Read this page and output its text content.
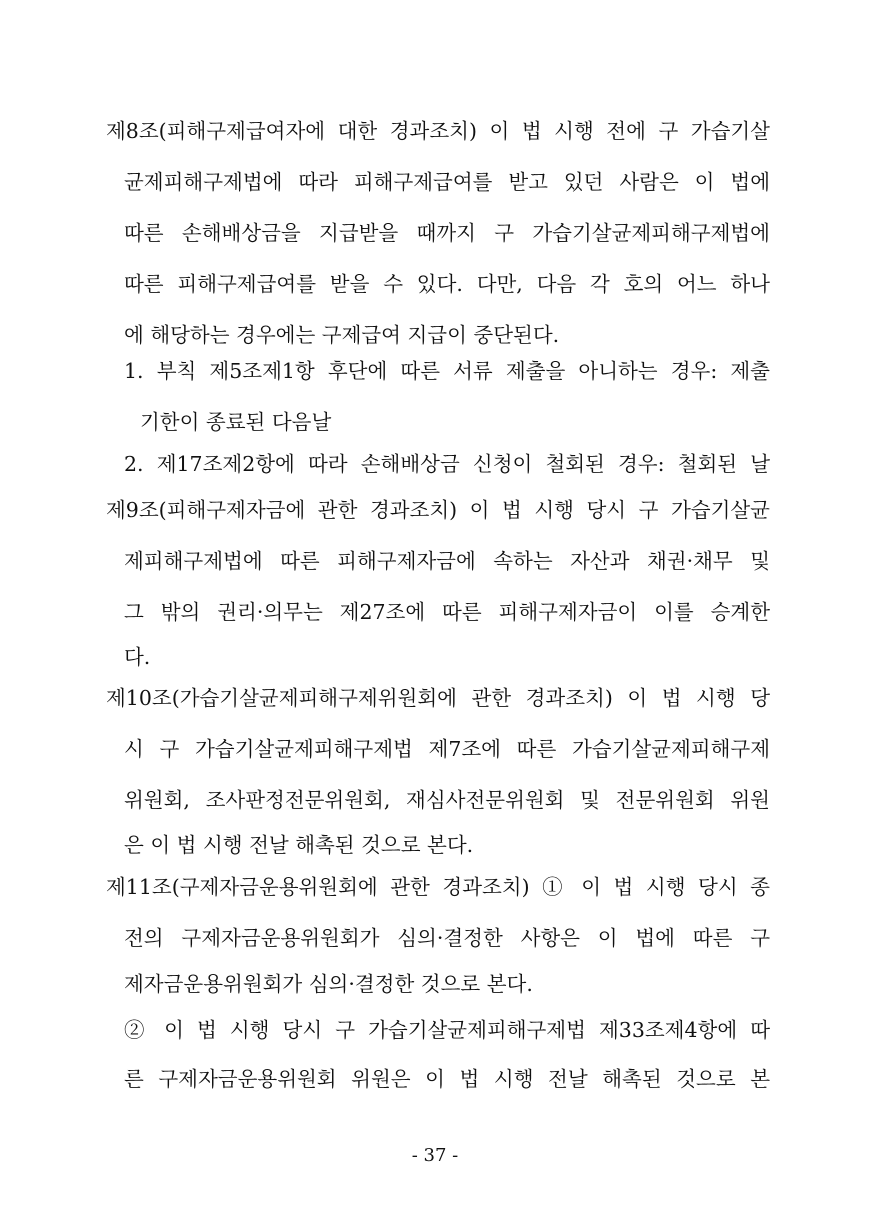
제8조(피해구제급여자에 대한 경과조치) 이 법 시행 전에 구 가습기살
균제피해구제법에 따라 피해구제급여를 받고 있던 사람은 이 법에
따른 손해배상금을 지급받을 때까지 구 가습기살균제피해구제법에
따른 피해구제급여를 받을 수 있다. 다만, 다음 각 호의 어느 하나
에 해당하는 경우에는 구제급여 지급이 중단된다.
1. 부칙 제5조제1항 후단에 따른 서류 제출을 아니하는 경우: 제출
기한이 종료된 다음날
2. 제17조제2항에 따라 손해배상금 신청이 철회된 경우: 철회된 날
제9조(피해구제자금에 관한 경과조치) 이 법 시행 당시 구 가습기살균
제피해구제법에 따른 피해구제자금에 속하는 자산과 채권·채무 및
그 밖의 권리·의무는 제27조에 따른 피해구제자금이 이를 승계한
다.
제10조(가습기살균제피해구제위원회에 관한 경과조치) 이 법 시행 당
시 구 가습기살균제피해구제법 제7조에 따른 가습기살균제피해구제
위원회, 조사판정전문위원회, 재심사전문위원회 및 전문위원회 위원
은 이 법 시행 전날 해촉된 것으로 본다.
제11조(구제자금운용위원회에 관한 경과조치) ① 이 법 시행 당시 종
전의 구제자금운용위원회가 심의·결정한 사항은 이 법에 따른 구
제자금운용위원회가 심의·결정한 것으로 본다.
② 이 법 시행 당시 구 가습기살균제피해구제법 제33조제4항에 따
른 구제자금운용위원회 위원은 이 법 시행 전날 해촉된 것으로 본
- 37 -
